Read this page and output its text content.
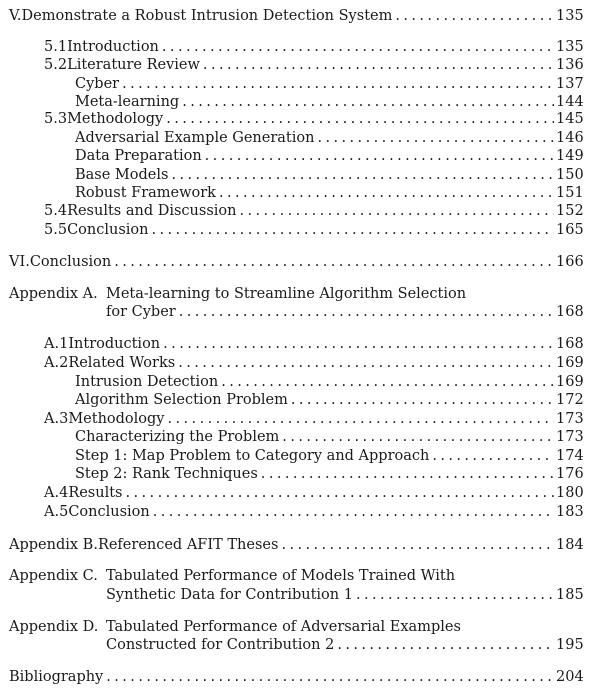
V. Demonstrate a Robust Intrusion Detection System . . .	135
5.1 Introduction . . .	135
5.2 Literature Review . . .	136
Cyber . . .	137
Meta-learning . . .	144
5.3 Methodology . . .	145
Adversarial Example Generation . . .	146
Data Preparation . . .	149
Base Models . . .	150
Robust Framework . . .	151
5.4 Results and Discussion . . .	152
5.5 Conclusion . . .	165
VI. Conclusion . . .	166
Appendix A. Meta-learning to Streamline Algorithm Selection
for Cyber . . .	168
A.1 Introduction . . .	168
A.2 Related Works . . .	169
Intrusion Detection . . .	169
Algorithm Selection Problem . . .	172
A.3 Methodology . . .	173
Characterizing the Problem . . .	173
Step 1: Map Problem to Category and Approach . . .	174
Step 2: Rank Techniques . . .	176
A.4 Results . . .	180
A.5 Conclusion . . .	183
Appendix B. Referenced AFIT Theses . . .	184
Appendix C. Tabulated Performance of Models Trained With
Synthetic Data for Contribution 1 . . .	185
Appendix D. Tabulated Performance of Adversarial Examples
Constructed for Contribution 2 . . .	195
Bibliography . . .	204
